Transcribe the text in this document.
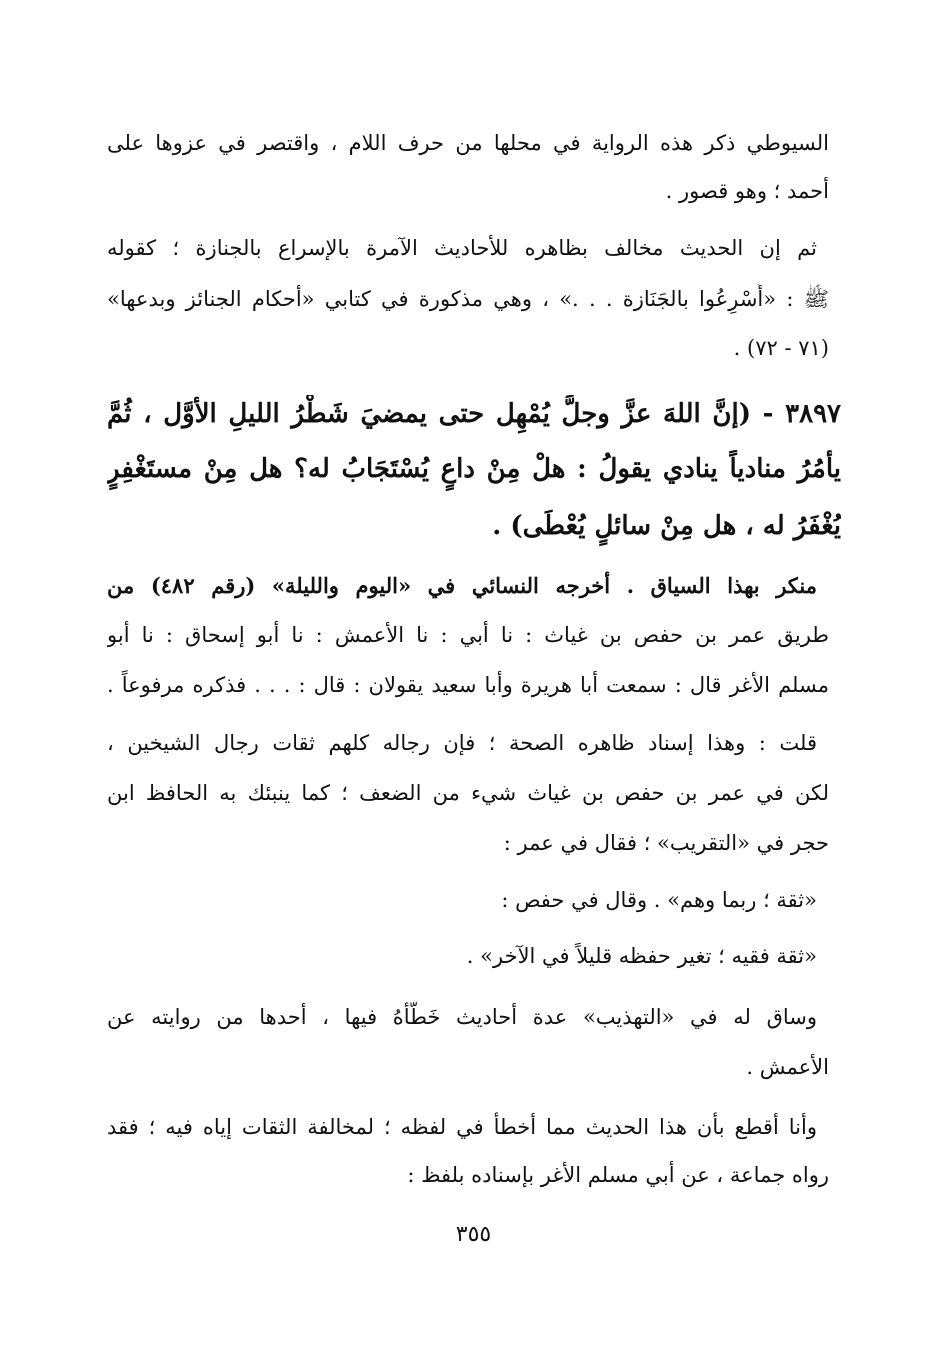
السيوطي ذكر هذه الرواية في محلها من حرف اللام ، واقتصر في عزوها على
أحمد ؛ وهو قصور .
ثم إن الحديث مخالف بظاهره للأحاديث الآمرة بالإسراع بالجنازة ؛ كقوله
ﷺ : «أَسْرِعُوا بالجَنَازة . . .» ، وهي مذكورة في كتابي «أحكام الجنائز وبدعها»
(٧١ - ٧٢) .
٣٨٩٧ - (إنَّ اللهَ عزَّ وجلَّ يُمْهِل حتى يمضيَ شَطْرُ الليلِ الأوَّل ، ثُمَّ
يأمُرُ منادياً ينادي يقولُ : هلْ مِنْ داعٍ يُسْتَجَابُ له؟ هل مِنْ مستَغْفِرٍ
يُغْفَرُ له ، هل مِنْ سائلٍ يُعْطَى) .
منكر بهذا السياق . أخرجه النسائي في «اليوم والليلة» (رقم ٤٨٢) من
طريق عمر بن حفص بن غياث : نا أبي : نا الأعمش : نا أبو إسحاق : نا أبو
مسلم الأغر قال : سمعت أبا هريرة وأبا سعيد يقولان : قال : . . . فذكره مرفوعاً .
قلت : وهذا إسناد ظاهره الصحة ؛ فإن رجاله كلهم ثقات رجال الشيخين ،
لكن في عمر بن حفص بن غياث شيء من الضعف ؛ كما ينبئك به الحافظ ابن
حجر في «التقريب» ؛ فقال في عمر :
«ثقة ؛ ربما وهم» . وقال في حفص :
«ثقة فقيه ؛ تغير حفظه قليلاً في الآخر» .
وساق له في «التهذيب» عدة أحاديث خَطَّأَهُ فيها ، أحدها من روايته عن
الأعمش .
وأنا أقطع بأن هذا الحديث مما أخطأ في لفظه ؛ لمخالفة الثقات إياه فيه ؛ فقد
رواه جماعة ، عن أبي مسلم الأغر بإسناده بلفظ :
٣٥٥
